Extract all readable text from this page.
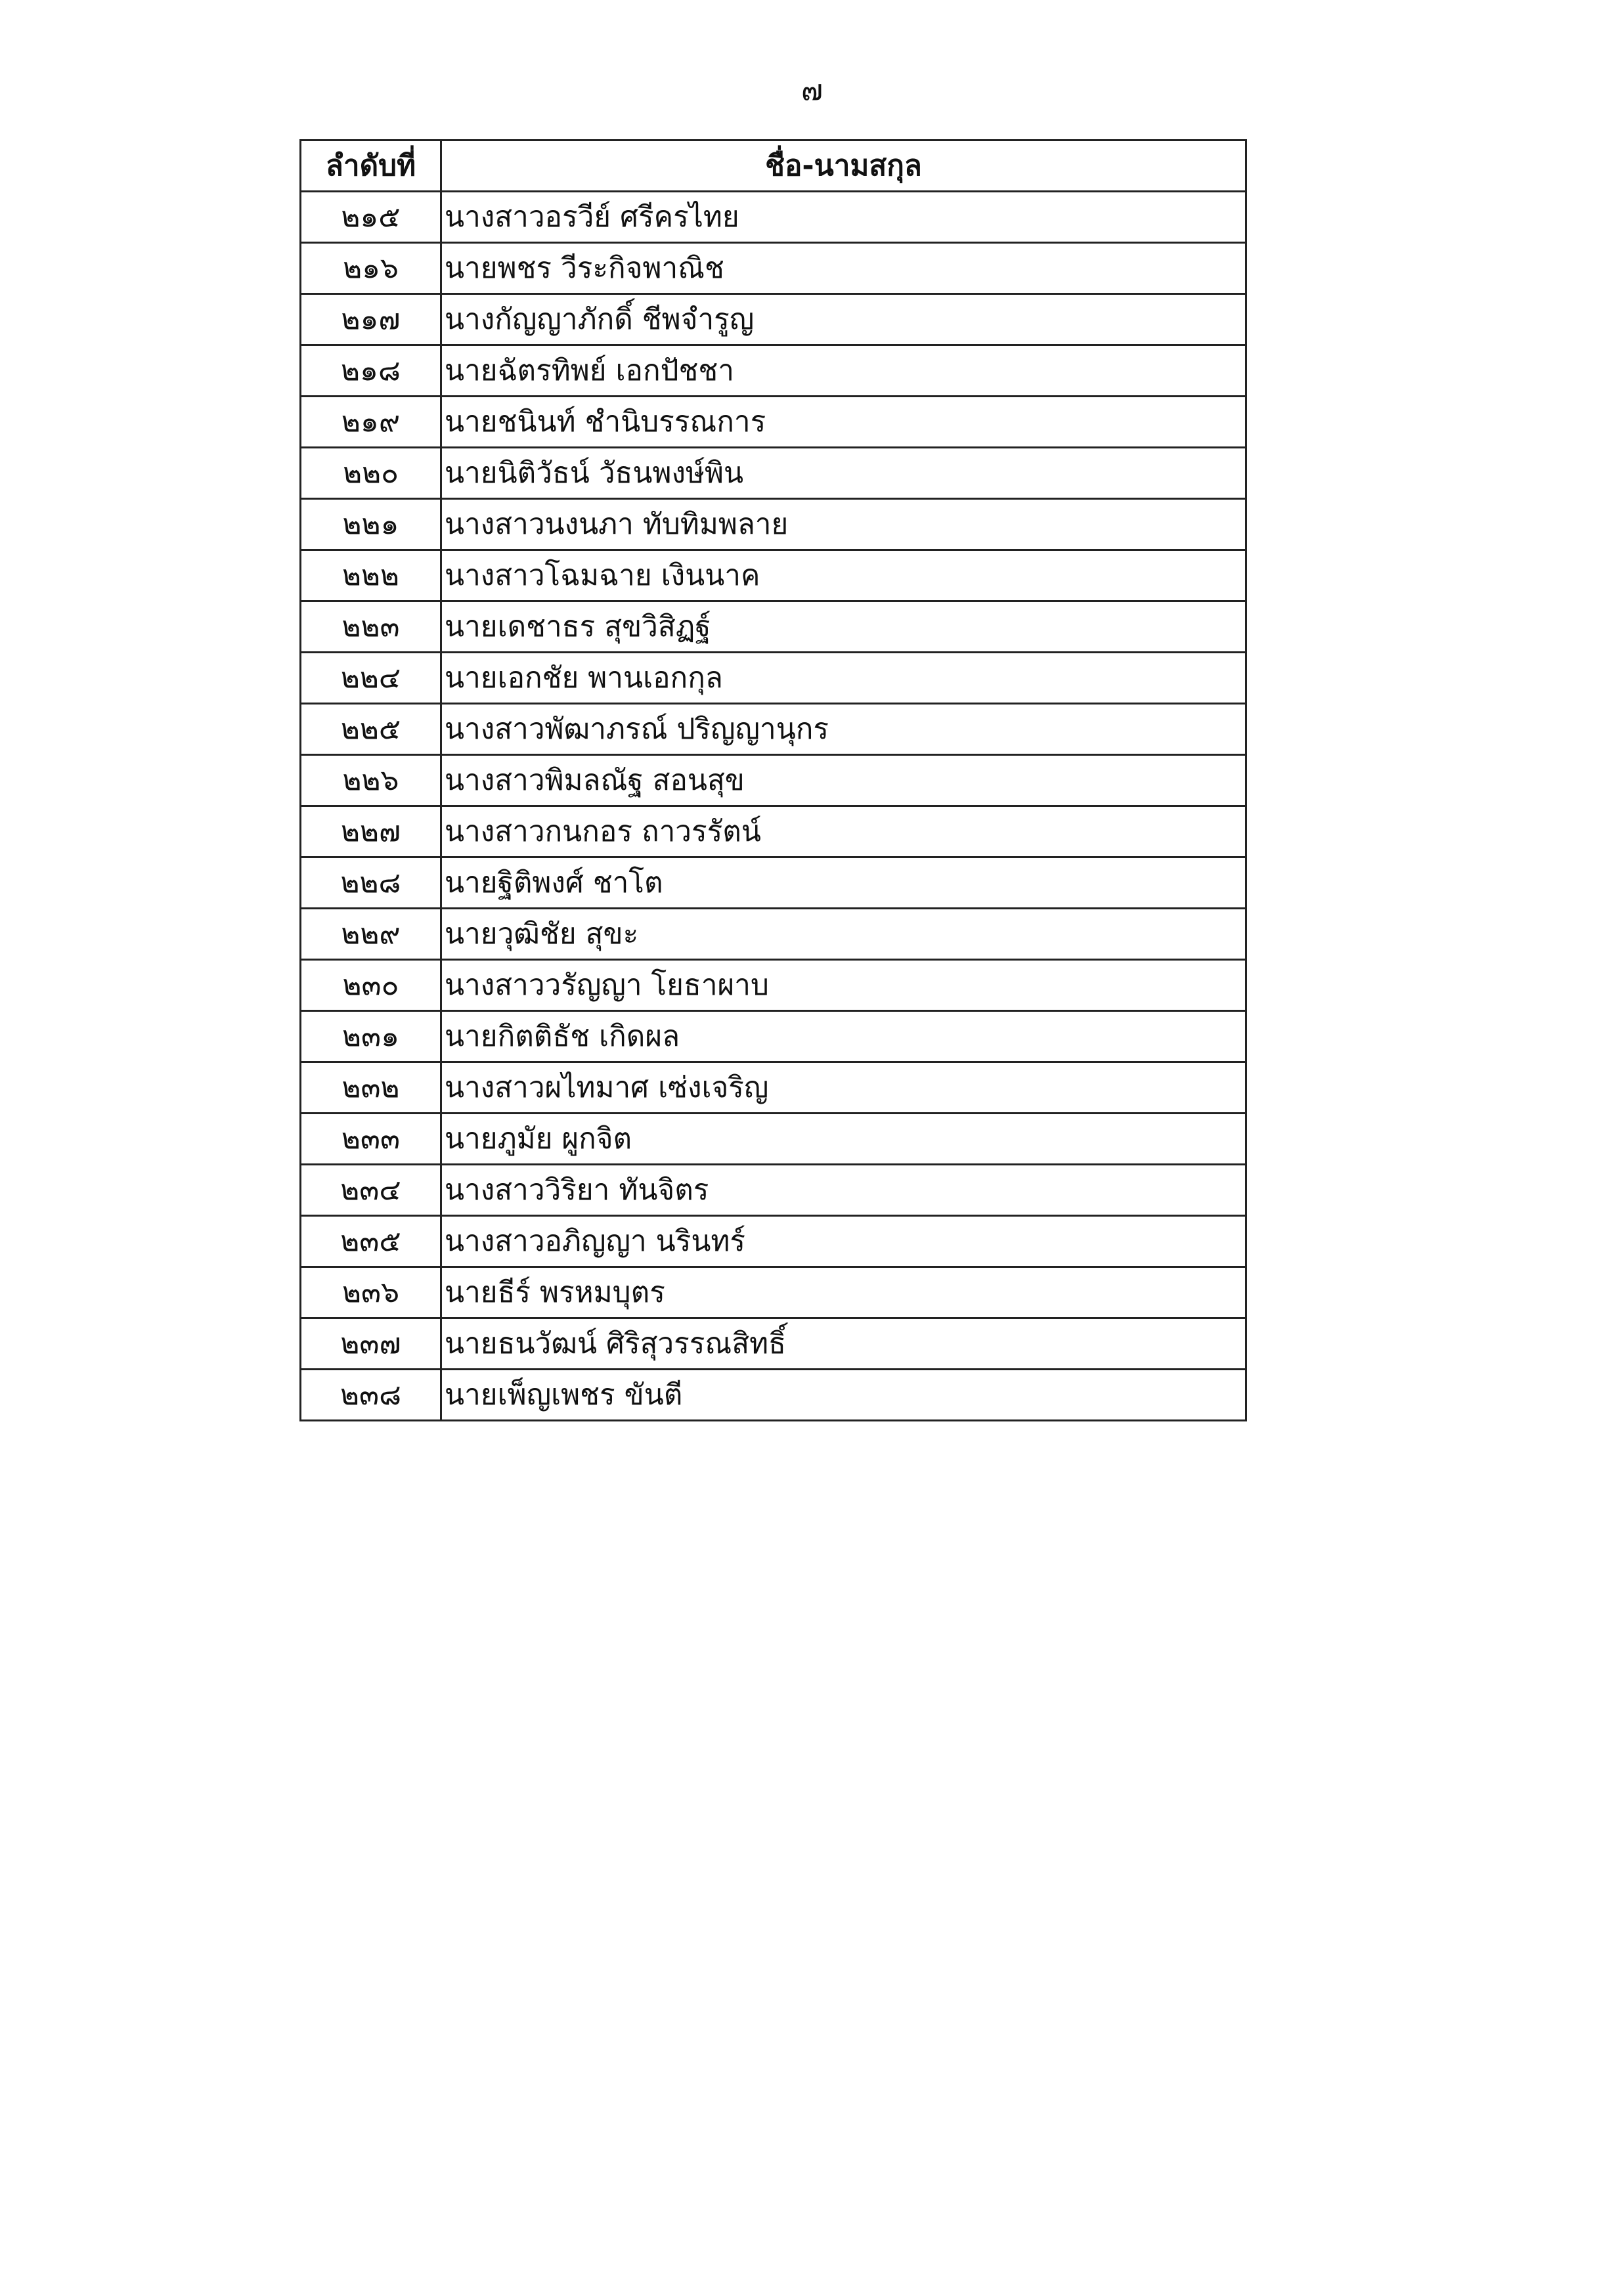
๗
ลำดับที่	ชื่อ-นามสกุล
๒๑๕	นางสาวอรวีย์ ศรีครไทย
๒๑๖	นายพชร วีระกิจพาณิช
๒๑๗	นางกัญญาภักดิ์ ชีพจำรูญ
๒๑๘	นายฉัตรทิพย์ เอกปัชชา
๒๑๙	นายชนินท์ ชำนิบรรณการ
๒๒๐	นายนิติวัธน์ วัธนพงษ์พิน
๒๒๑	นางสาวนงนภา ทับทิมพลาย
๒๒๒	นางสาวโฉมฉาย เงินนาค
๒๒๓	นายเดชาธร สุขวิสิฏฐ์
๒๒๔	นายเอกชัย พานเอกกุล
๒๒๕	นางสาวพัฒาภรณ์ ปริญญานุกร
๒๒๖	นางสาวพิมลณัฐ สอนสุข
๒๒๗	นางสาวกนกอร ถาวรรัตน์
๒๒๘	นายฐิติพงศ์ ชาโต
๒๒๙	นายวุฒิชัย สุขะ
๒๓๐	นางสาววรัญญา โยธาผาบ
๒๓๑	นายกิตติธัช เกิดผล
๒๓๒	นางสาวผไทมาศ เซ่งเจริญ
๒๓๓	นายภูมัย ผูกจิต
๒๓๔	นางสาววิริยา ทันจิตร
๒๓๕	นางสาวอภิญญา นรินทร์
๒๓๖	นายธีร์ พรหมบุตร
๒๓๗	นายธนวัฒน์ ศิริสุวรรณสิทธิ์
๒๓๘	นายเพ็ญเพชร ขันตี
